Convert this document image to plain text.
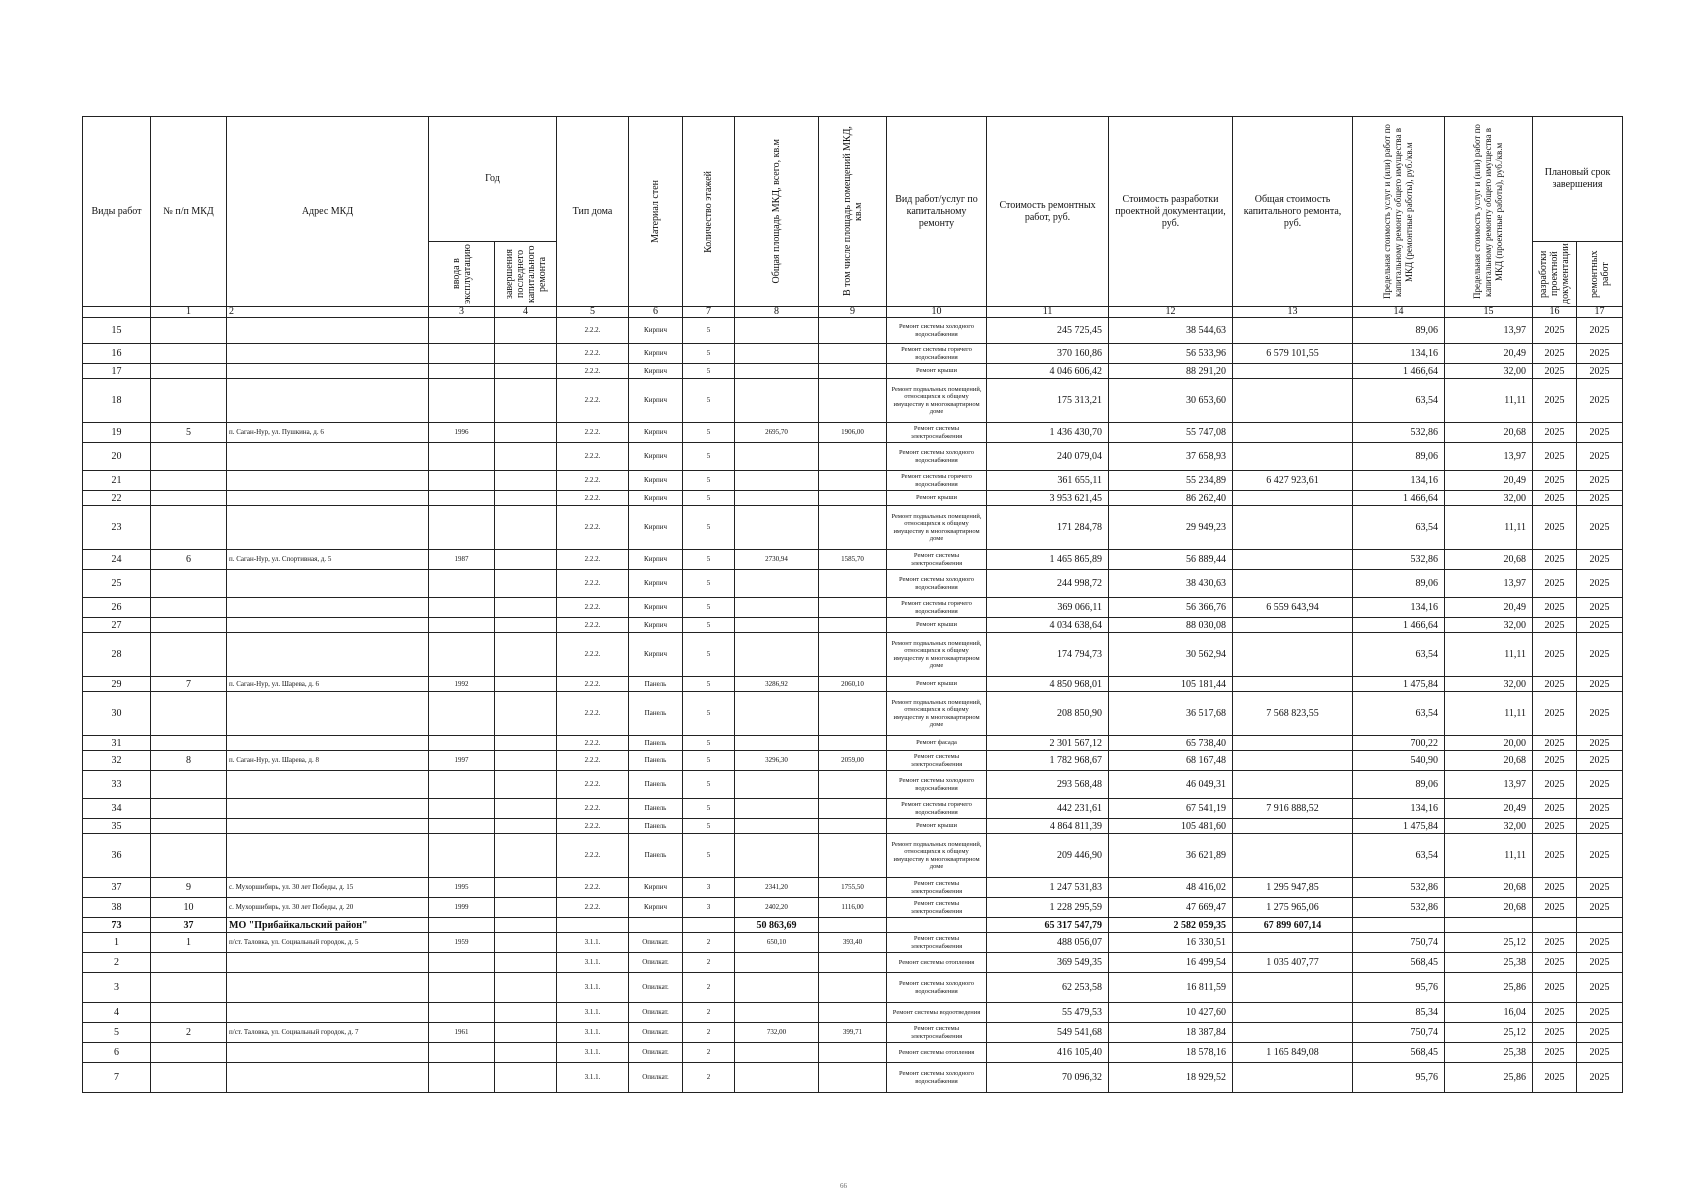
Виды работ	№ п/п МКД	Адрес МКД	Год		Тип дома	Материал стен	Количество этажей	Общая площадь МКД, всего, кв.м	В том числе площадь помещений МКД, кв.м	Вид работ/услуг по капитальному ремонту	Стоимость ремонтных работ, руб.	Стоимость разработки проектной документации, руб.	Общая стоимость капитального ремонта, руб.	Предельная стоимость услуг и (или) работ по капитальному ремонту общего имущества в МКД (ремонтные работы), руб./кв.м	Предельная стоимость услуг и (или) работ по капитальному ремонту общего имущества в МКД (проектные работы), руб./кв.м	Плановый срок завершения	

			ввода в эксплуатацию	завершения последнего капитального ремонта												разработки проектной документации	ремонтных работ

	1	2	3	4	5	6	7	8	9	10	11	12	13	14	15	16	17
15					2.2.2.	Кирпич	5			Ремонт системы холодного водоснабжения	245 725,45	38 544,63		89,06	13,97	2025	2025
16					2.2.2.	Кирпич	5			Ремонт системы горячего водоснабжения	370 160,86	56 533,96	6 579 101,55	134,16	20,49	2025	2025
17					2.2.2.	Кирпич	5			Ремонт крыши	4 046 606,42	88 291,20		1 466,64	32,00	2025	2025
18					2.2.2.	Кирпич	5			Ремонт подвальных помещений, относящихся к общему имуществу в многоквартирном доме	175 313,21	30 653,60		63,54	11,11	2025	2025
19	5	п. Саган-Нур, ул. Пушкина, д. 6	1996		2.2.2.	Кирпич	5	2695,70	1906,00	Ремонт системы электроснабжения	1 436 430,70	55 747,08		532,86	20,68	2025	2025
20					2.2.2.	Кирпич	5			Ремонт системы холодного водоснабжения	240 079,04	37 658,93		89,06	13,97	2025	2025
21					2.2.2.	Кирпич	5			Ремонт системы горячего водоснабжения	361 655,11	55 234,89	6 427 923,61	134,16	20,49	2025	2025
22					2.2.2.	Кирпич	5			Ремонт крыши	3 953 621,45	86 262,40		1 466,64	32,00	2025	2025
23					2.2.2.	Кирпич	5			Ремонт подвальных помещений, относящихся к общему имуществу в многоквартирном доме	171 284,78	29 949,23		63,54	11,11	2025	2025
24	6	п. Саган-Нур, ул. Спортивная, д. 5	1987		2.2.2.	Кирпич	5	2730,94	1585,70	Ремонт системы электроснабжения	1 465 865,89	56 889,44		532,86	20,68	2025	2025
25					2.2.2.	Кирпич	5			Ремонт системы холодного водоснабжения	244 998,72	38 430,63		89,06	13,97	2025	2025
26					2.2.2.	Кирпич	5			Ремонт системы горячего водоснабжения	369 066,11	56 366,76	6 559 643,94	134,16	20,49	2025	2025
27					2.2.2.	Кирпич	5			Ремонт крыши	4 034 638,64	88 030,08		1 466,64	32,00	2025	2025
28					2.2.2.	Кирпич	5			Ремонт подвальных помещений, относящихся к общему имуществу в многоквартирном доме	174 794,73	30 562,94		63,54	11,11	2025	2025
29	7	п. Саган-Нур, ул. Шарева, д. 6	1992		2.2.2.	Панель	5	3286,92	2060,10	Ремонт крыши	4 850 968,01	105 181,44		1 475,84	32,00	2025	2025
30					2.2.2.	Панель	5			Ремонт подвальных помещений, относящихся к общему имуществу в многоквартирном доме	208 850,90	36 517,68	7 568 823,55	63,54	11,11	2025	2025
31					2.2.2.	Панель	5			Ремонт фасада	2 301 567,12	65 738,40		700,22	20,00	2025	2025
32	8	п. Саган-Нур, ул. Шарева, д. 8	1997		2.2.2.	Панель	5	3296,30	2059,00	Ремонт системы электроснабжения	1 782 968,67	68 167,48		540,90	20,68	2025	2025
33					2.2.2.	Панель	5			Ремонт системы холодного водоснабжения	293 568,48	46 049,31		89,06	13,97	2025	2025
34					2.2.2.	Панель	5			Ремонт системы горячего водоснабжения	442 231,61	67 541,19	7 916 888,52	134,16	20,49	2025	2025
35					2.2.2.	Панель	5			Ремонт крыши	4 864 811,39	105 481,60		1 475,84	32,00	2025	2025
36					2.2.2.	Панель	5			Ремонт подвальных помещений, относящихся к общему имуществу в многоквартирном доме	209 446,90	36 621,89		63,54	11,11	2025	2025
37	9	с. Мухоршибирь, ул. 30 лет Победы, д. 15	1995		2.2.2.	Кирпич	3	2341,20	1755,50	Ремонт системы электроснабжения	1 247 531,83	48 416,02	1 295 947,85	532,86	20,68	2025	2025
38	10	с. Мухоршибирь, ул. 30 лет Победы, д. 20	1999		2.2.2.	Кирпич	3	2402,20	1116,00	Ремонт системы электроснабжения	1 228 295,59	47 669,47	1 275 965,06	532,86	20,68	2025	2025
73	37	МО "Прибайкальский район"						50 863,69			65 317 547,79	2 582 059,35	67 899 607,14				
1	1	п/ст. Таловка, ул. Социальный городок, д. 5	1959		3.1.1.	Опилкат.	2	650,10	393,40	Ремонт системы электроснабжения	488 056,07	16 330,51		750,74	25,12	2025	2025
2					3.1.1.	Опилкат.	2			Ремонт системы отопления	369 549,35	16 499,54	1 035 407,77	568,45	25,38	2025	2025
3					3.1.1.	Опилкат.	2			Ремонт системы холодного водоснабжения	62 253,58	16 811,59		95,76	25,86	2025	2025
4					3.1.1.	Опилкат.	2			Ремонт системы водоотведения	55 479,53	10 427,60		85,34	16,04	2025	2025
5	2	п/ст. Таловка, ул. Социальный городок, д. 7	1961		3.1.1.	Опилкат.	2	732,00	399,71	Ремонт системы электроснабжения	549 541,68	18 387,84		750,74	25,12	2025	2025
6					3.1.1.	Опилкат.	2			Ремонт системы отопления	416 105,40	18 578,16	1 165 849,08	568,45	25,38	2025	2025
7					3.1.1.	Опилкат.	2			Ремонт системы холодного водоснабжения	70 096,32	18 929,52		95,76	25,86	2025	2025
66
